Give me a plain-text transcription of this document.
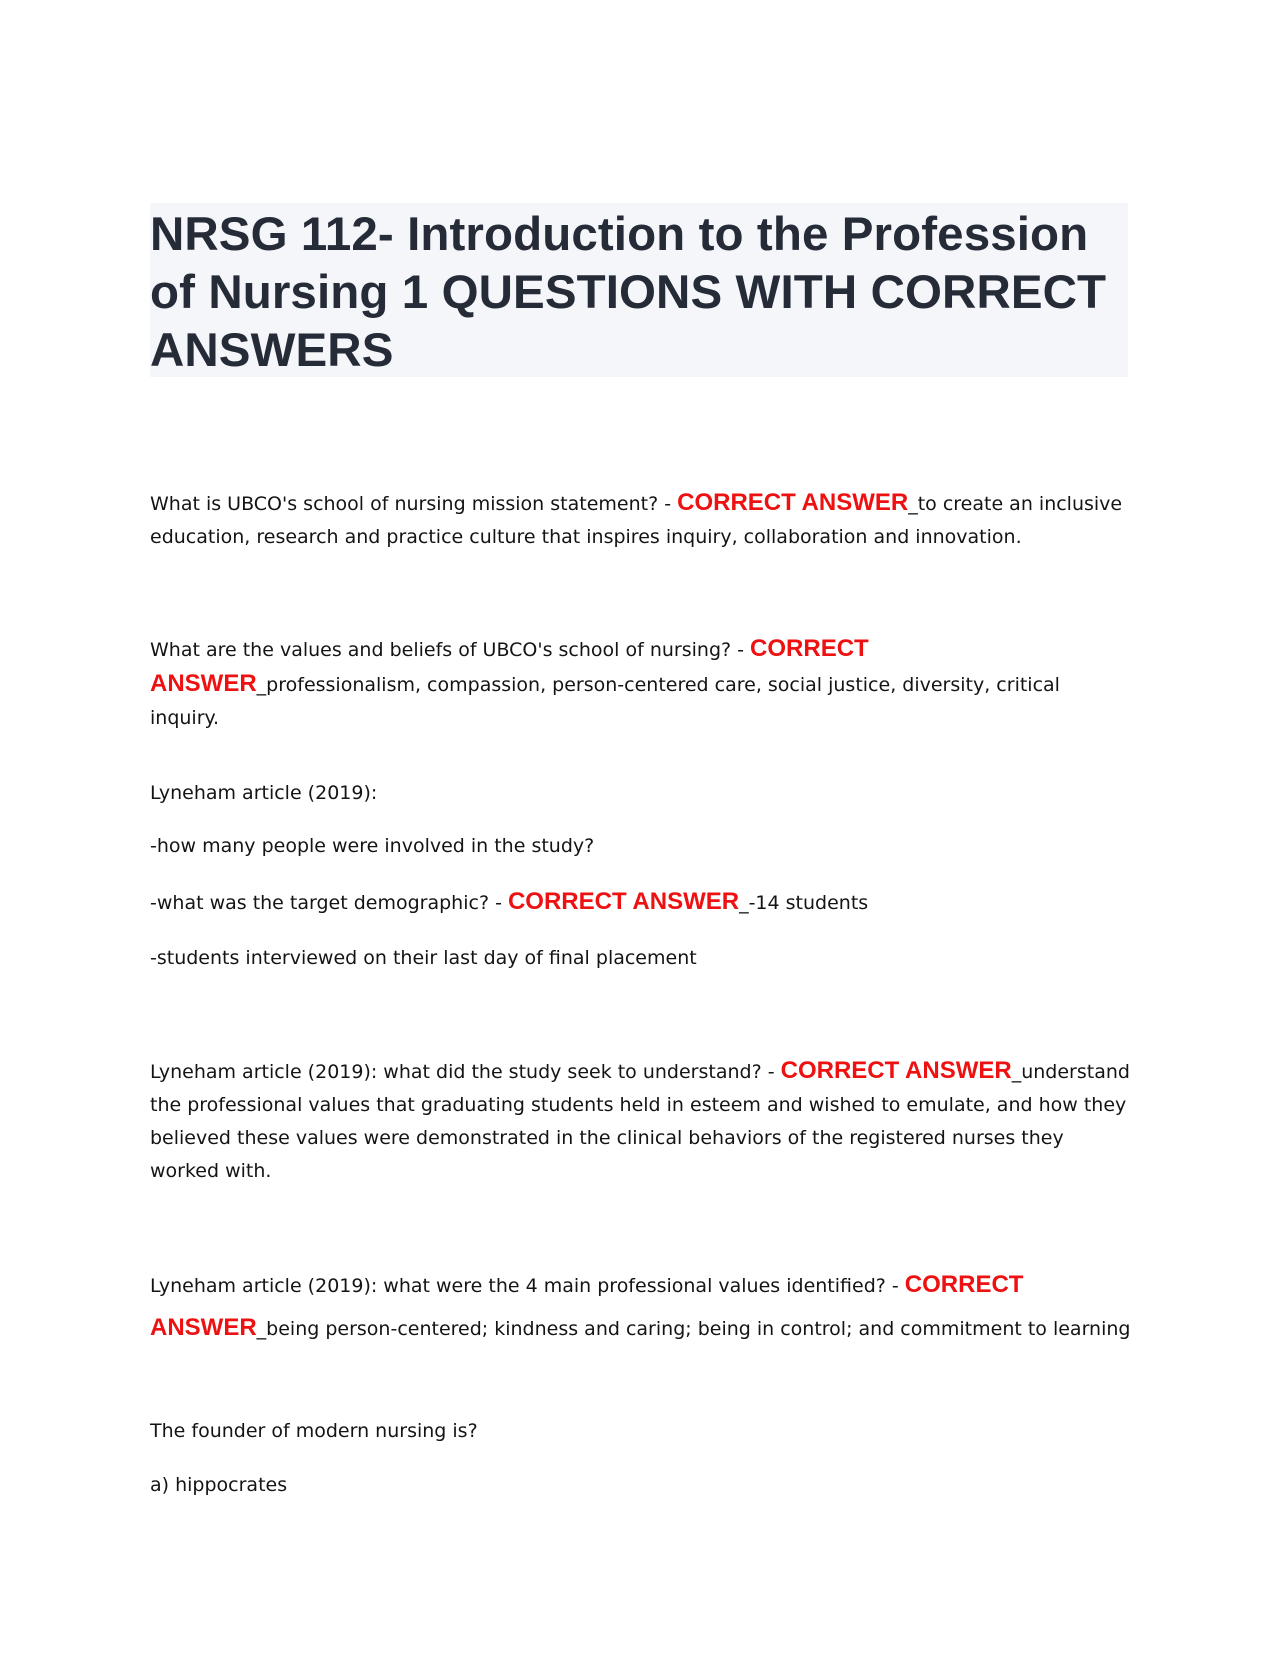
NRSG 112- Introduction to the Profession of Nursing 1 QUESTIONS WITH CORRECT ANSWERS
What is UBCO's school of nursing mission statement? - CORRECT ANSWER_to create an inclusive education, research and practice culture that inspires inquiry, collaboration and innovation.
What are the values and beliefs of UBCO's school of nursing? - CORRECT ANSWER_professionalism, compassion, person-centered care, social justice, diversity, critical inquiry.
Lyneham article (2019):
-how many people were involved in the study?
-what was the target demographic? - CORRECT ANSWER_-14 students
-students interviewed on their last day of final placement
Lyneham article (2019): what did the study seek to understand? - CORRECT ANSWER_understand the professional values that graduating students held in esteem and wished to emulate, and how they believed these values were demonstrated in the clinical behaviors of the registered nurses they worked with.
Lyneham article (2019): what were the 4 main professional values identified? - CORRECT ANSWER_being person-centered; kindness and caring; being in control; and commitment to learning
The founder of modern nursing is?
a) hippocrates
